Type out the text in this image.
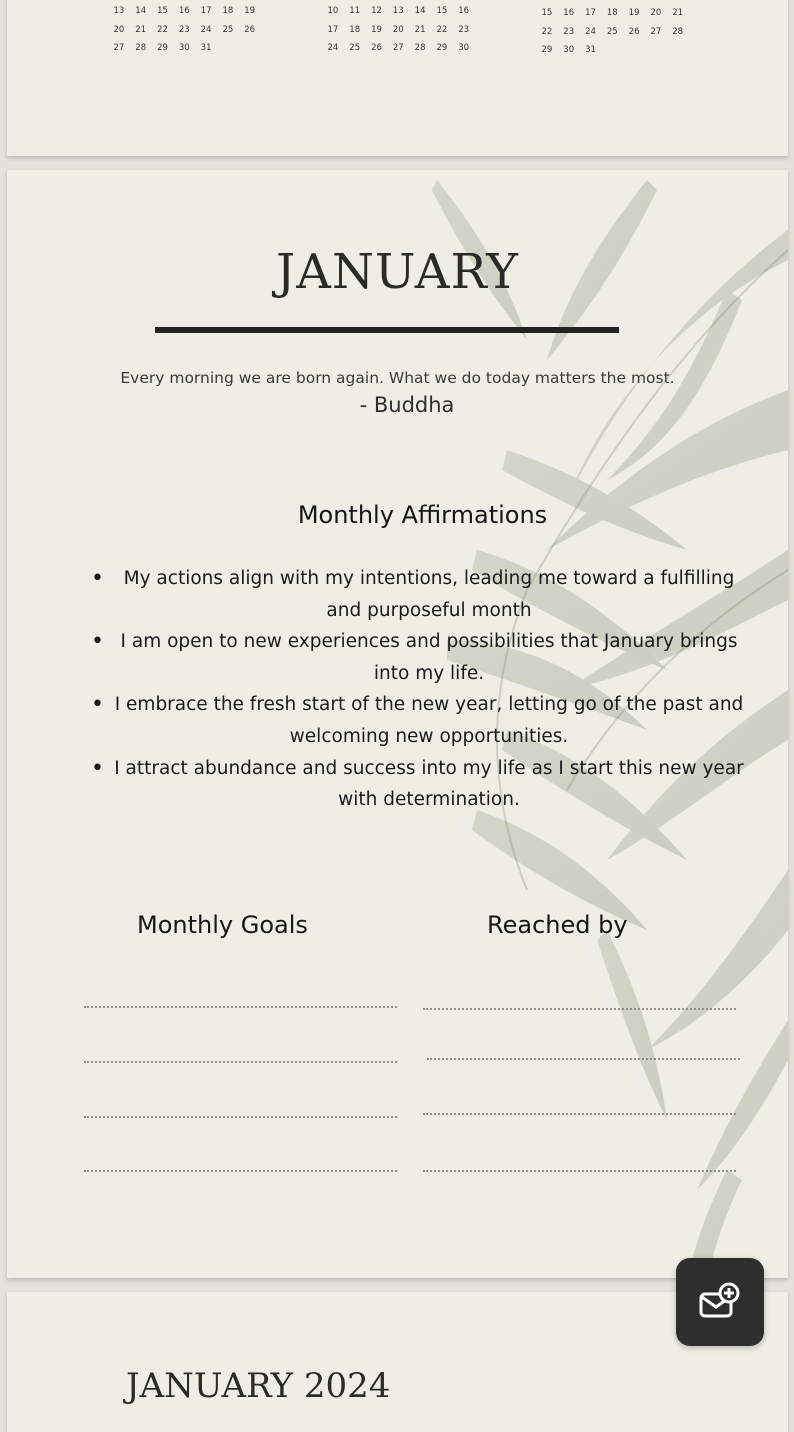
13	14	15	16	17	18	19
20	21	22	23	24	25	26
27	28	29	30	31
10	11	12	13	14	15	16
17	18	19	20	21	22	23
24	25	26	27	28	29	30
15	16	17	18	19	20	21
22	23	24	25	26	27	28
29	30	31
JANUARY
Every morning we are born again. What we do today matters the most.
- Buddha
Monthly Affirmations
• My actions align with my intentions, leading me toward a fulfilling and purposeful month
• I am open to new experiences and possibilities that January brings into my life.
• I embrace the fresh start of the new year, letting go of the past and welcoming new opportunities.
• I attract abundance and success into my life as I start this new year with determination.
Monthly Goals	Reached by
JANUARY 2024
